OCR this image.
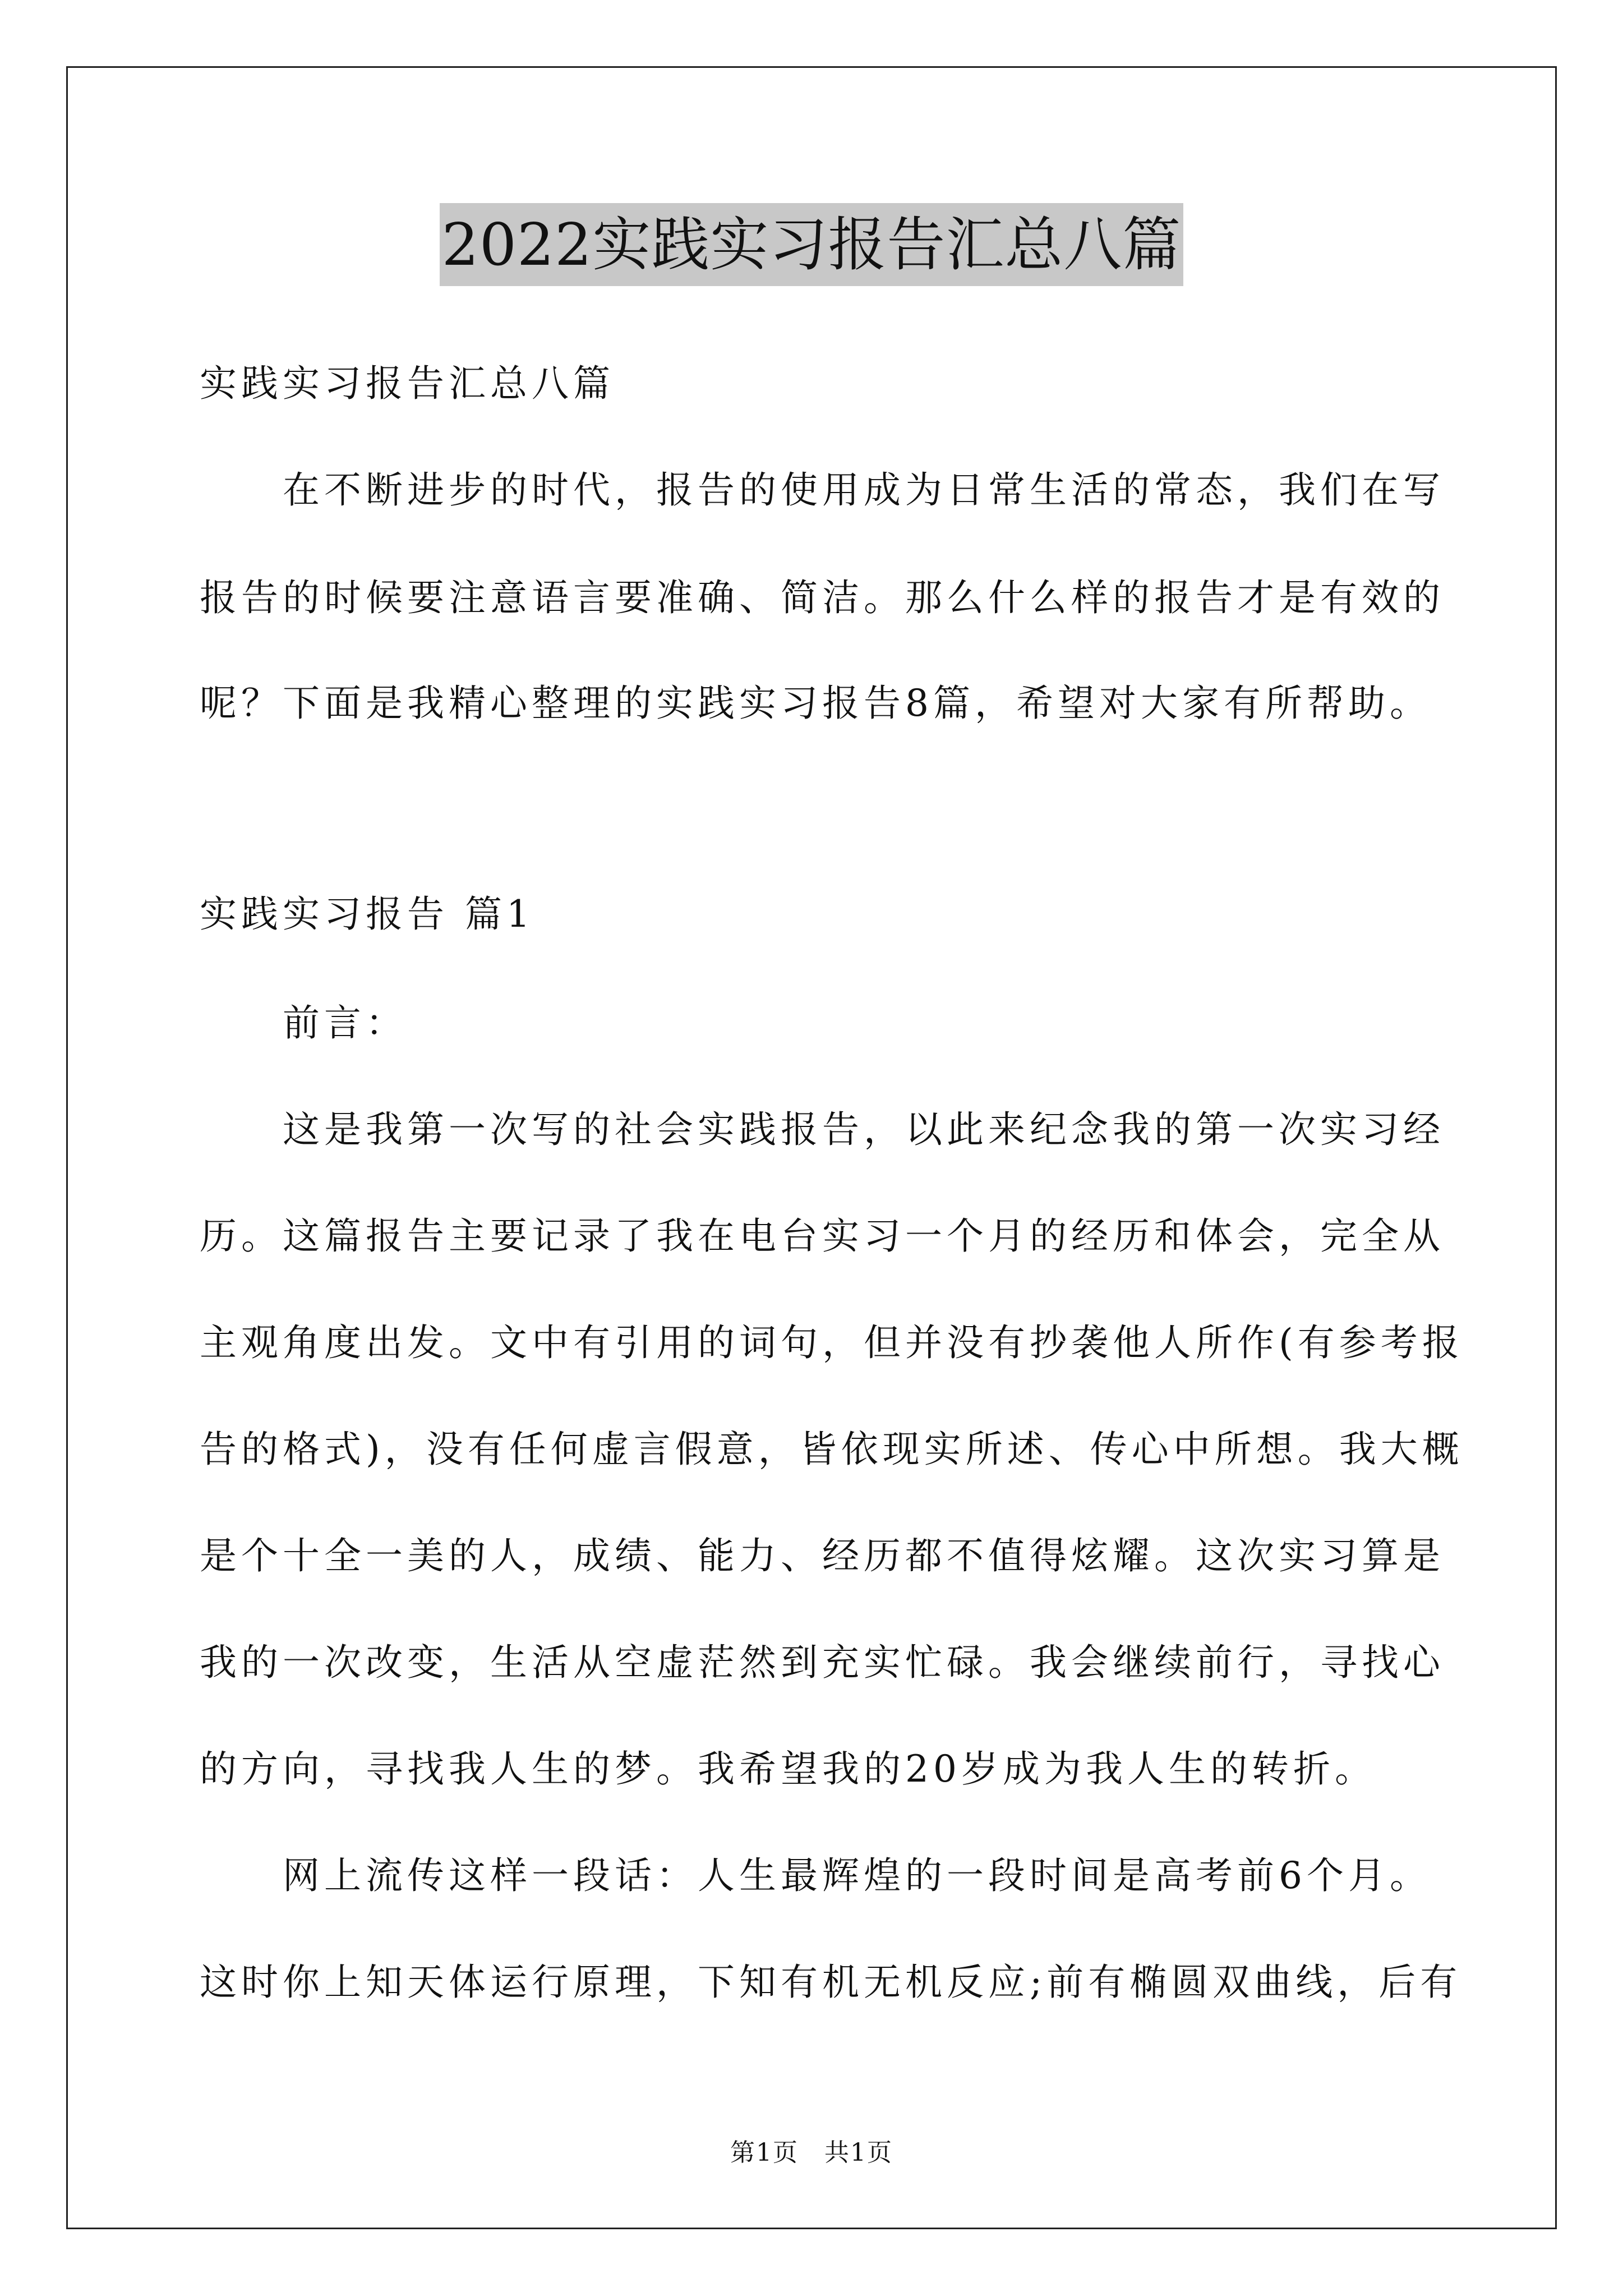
2022实践实习报告汇总八篇
实践实习报告汇总八篇
在不断进步的时代，报告的使用成为日常生活的常态，我们在写
报告的时候要注意语言要准确、简洁。那么什么样的报告才是有效的
呢？下面是我精心整理的实践实习报告8篇，希望对大家有所帮助。
实践实习报告 篇1
前言：
这是我第一次写的社会实践报告，以此来纪念我的第一次实习经
历。这篇报告主要记录了我在电台实习一个月的经历和体会，完全从
主观角度出发。文中有引用的词句，但并没有抄袭他人所作(有参考报
告的格式)，没有任何虚言假意，皆依现实所述、传心中所想。我大概
是个十全一美的人，成绩、能力、经历都不值得炫耀。这次实习算是
我的一次改变，生活从空虚茫然到充实忙碌。我会继续前行，寻找心
的方向，寻找我人生的梦。我希望我的20岁成为我人生的转折。
网上流传这样一段话：人生最辉煌的一段时间是高考前6个月。
这时你上知天体运行原理，下知有机无机反应;前有椭圆双曲线，后有
第1页　共1页
